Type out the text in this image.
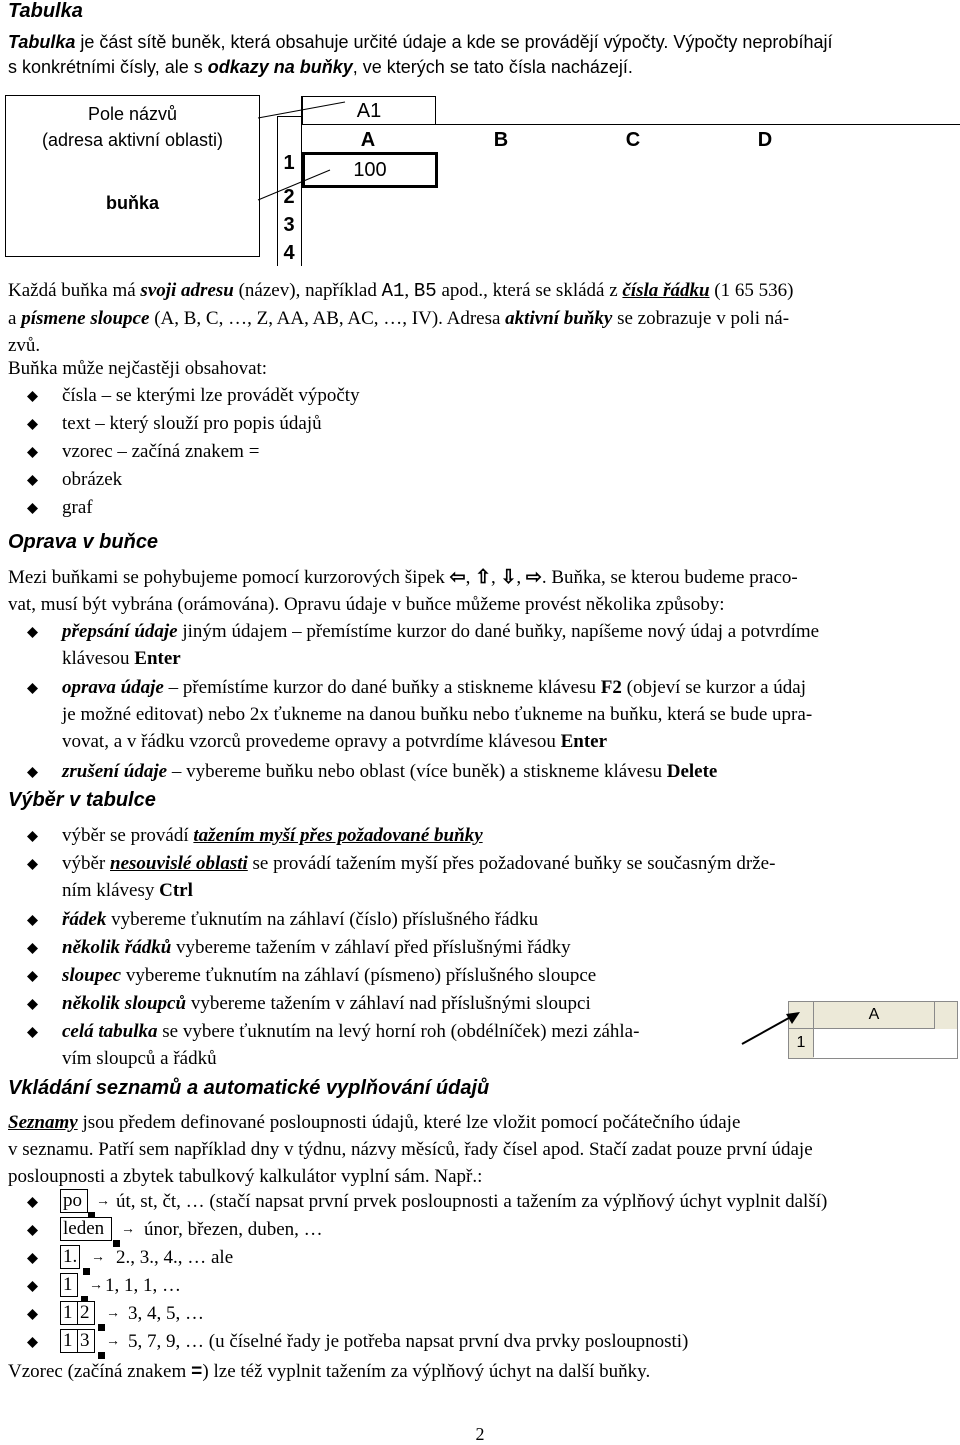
Tabulka
Tabulka je část sítě buněk, která obsahuje určité údaje a kde se provádějí výpočty. Výpočty neprobíhají
s konkrétními čísly, ale s odkazy na buňky, ve kterých se tato čísla nacházejí.
Pole názvů
(adresa aktivní oblasti)
buňka
A1
A	B	C	D
1
2
3
4
100
Každá buňka má svoji adresu (název), například A1, B5 apod., která se skládá z čísla řádku (1 65 536)
a písmene sloupce (A, B, C, …, Z, AA, AB, AC, …, IV). Adresa aktivní buňky se zobrazuje v poli ná-
zvů.
Buňka může nejčastěji obsahovat:
čísla – se kterými lze provádět výpočty
text – který slouží pro popis údajů
vzorec – začíná znakem =
obrázek
graf
Oprava v buňce
Mezi buňkami se pohybujeme pomocí kurzorových šipek ⇦, ⇧, ⇩, ⇨. Buňka, se kterou budeme praco-
vat, musí být vybrána (orámována). Opravu údaje v buňce můžeme provést několika způsoby:
přepsání údaje jiným údajem – přemístíme kurzor do dané buňky, napíšeme nový údaj a potvrdíme
klávesou Enter
oprava údaje – přemístíme kurzor do dané buňky a stiskneme klávesu F2 (objeví se kurzor a údaj
je možné editovat) nebo 2x ťukneme na danou buňku nebo ťukneme na buňku, která se bude upra-
vovat, a v řádku vzorců provedeme opravy a potvrdíme klávesou Enter
zrušení údaje – vybereme buňku nebo oblast (více buněk) a stiskneme klávesu Delete
Výběr v tabulce
výběr se provádí tažením myší přes požadované buňky
výběr nesouvislé oblasti se provádí tažením myší přes požadované buňky se současným drže-
ním klávesy Ctrl
řádek vybereme ťuknutím na záhlaví (číslo) příslušného řádku
několik řádků vybereme tažením v záhlaví před příslušnými řádky
sloupec vybereme ťuknutím na záhlaví (písmeno) příslušného sloupce
několik sloupců vybereme tažením v záhlaví nad příslušnými sloupci
celá tabulka se vybere ťuknutím na levý horní roh (obdélníček) mezi záhla-
vím sloupců a řádků
A
1
Vkládání seznamů a automatické vyplňování údajů
Seznamy jsou předem definované posloupnosti údajů, které lze vložit pomocí počátečního údaje
v seznamu. Patří sem například dny v týdnu, názvy měsíců, řady čísel apod. Stačí zadat pouze první údaje
posloupnosti a zbytek tabulkový kalkulátor vyplní sám. Např.:
po	→ út, st, čt, … (stačí napsat první prvek posloupnosti a tažením za výplňový úchyt vyplnit další)
leden	→ únor, březen, duben, …
1. → 2., 3., 4., … ale
1	→ 1, 1, 1, …
1 2	→ 3, 4, 5, …
1 3	→ 5, 7, 9, … (u číselné řady je potřeba napsat první dva prvky posloupnosti)
Vzorec (začíná znakem =) lze též vyplnit tažením za výplňový úchyt na další buňky.
2
